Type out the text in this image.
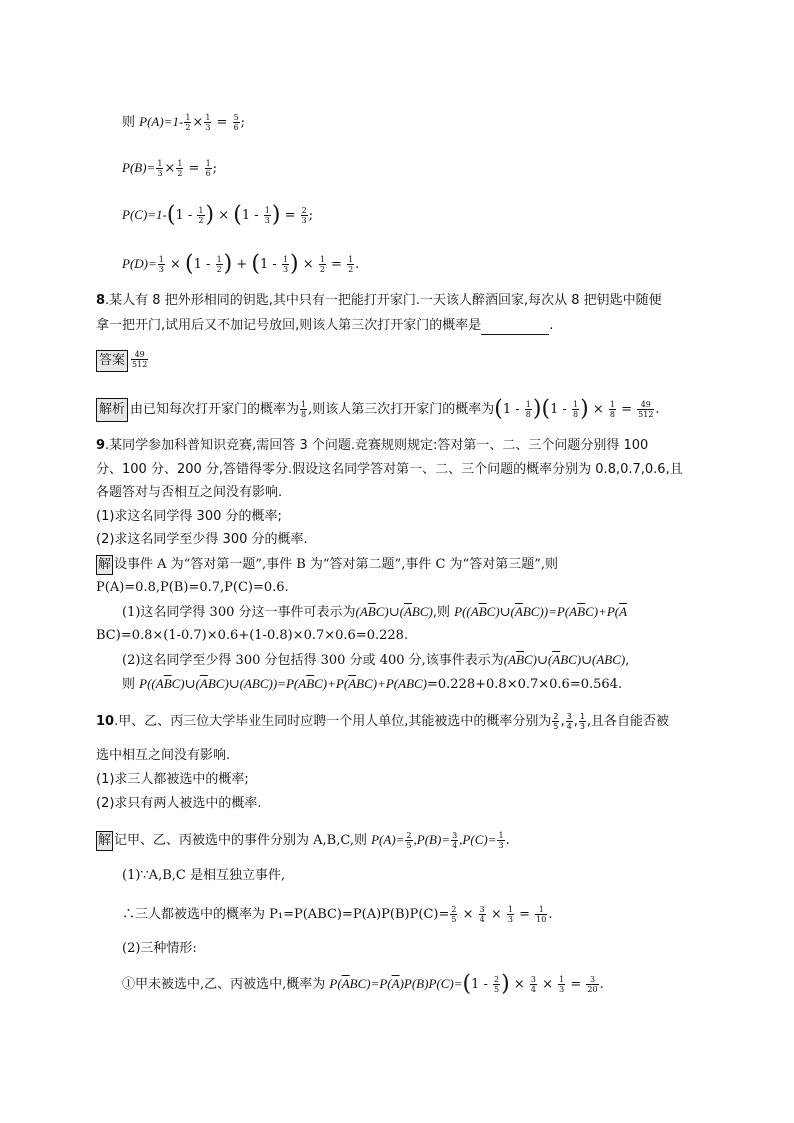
则 $P(A)=1- \frac{1}{2} \times \frac{1}{3} = \frac{5}{6}$ ;
$P(B)= \frac{1}{3} \times \frac{1}{2} = \frac{1}{6}$ ;
$P(C)=1-(1 - \frac{1}{2}$ ) × ($1 - \frac{1}{3}$ ) = $\frac{2}{3}$ ;
$P(D)= \frac{1}{3} \times (1 - \frac{1}{2}$ ) + ($1 - \frac{1}{3}$ ) × $\frac{1}{2} = \frac{1}{2}$ .
8.某人有 8 把外形相同的钥匙,其中只有一把能打开家门.一天该人醉酒回家,每次从 8 把钥匙中随便
拿一把开门,试用后又不加记号放回,则该人第三次打开家门的概率是	.
答案 $\frac{49}{512}$
解析 由已知每次打开家门的概率为 $\frac{1}{8}$ ,则该人第三次打开家门的概率为$(1 - \frac{1}{8} )(1 - \frac{1}{8}$ ) × $\frac{1}{8} = \frac{49}{512}$ .
9.某同学参加科普知识竞赛,需回答 3 个问题.竞赛规则规定:答对第一、二、三个问题分别得 100
分、100 分、200 分,答错得零分.假设这名同学答对第一、二、三个问题的概率分别为 0.8,0.7,0.6,且
各题答对与否相互之间没有影响.
(1)求这名同学得 300 分的概率;
(2)求这名同学至少得 300 分的概率.
解 设事件 A 为“答对第一题”,事件 B 为“答对第二题”,事件 C 为“答对第三题”,则
P(A)=0.8,P(B)=0.7,P(C)=0.6.
(1)这名同学得 300 分这一事件可表示为$(A\overline{B}C)\cup(\overline{A}BC)$,则 $P((A\overline{B}C)\cup(\overline{A}BC))=P(A\overline{B}C)+P(\overline{A}$
BC)=0.8×(1-0.7)×0.6+(1-0.8)×0.7×0.6=0.228.
(2)这名同学至少得 300 分包括得 300 分或 400 分,该事件表示为$(A\overline{B}C)\cup(\overline{A}BC)\cup(ABC)$,
则 $P((A\overline{B}C)\cup(\overline{A}BC)\cup(ABC))=P(A\overline{B}C)+P(\overline{A}BC)+P(ABC)=0.228+0.8\times 0.7\times 0.6=0.564$.
10.甲、乙、丙三位大学毕业生同时应聘一个用人单位,其能被选中的概率分别为 $\frac{2}{5}$ , $\frac{3}{4}$ , $\frac{1}{3}$ ,且各自能否被
选中相互之间没有影响.
(1)求三人都被选中的概率;
(2)求只有两人被选中的概率.
解 记甲、乙、丙被选中的事件分别为 A,B,C,则 $P(A)= \frac{2}{5} ,P(B)= \frac{3}{4} ,P(C)= \frac{1}{3}$ .
(1)∵A,B,C 是相互独立事件,
∴三人都被选中的概率为 $P_1=P(ABC)=P(A)P(B)P(C)= \frac{2}{5} \times \frac{3}{4} \times \frac{1}{3} = \frac{1}{10}$ .
(2)三种情形:
①甲未被选中,乙、丙被选中,概率为 $P(\overline{A}BC)=P(\overline{A})P(B)P(C)=(1 - \frac{2}{5}$ ) × $\frac{3}{4} \times \frac{1}{3} = \frac{3}{20}$ .
